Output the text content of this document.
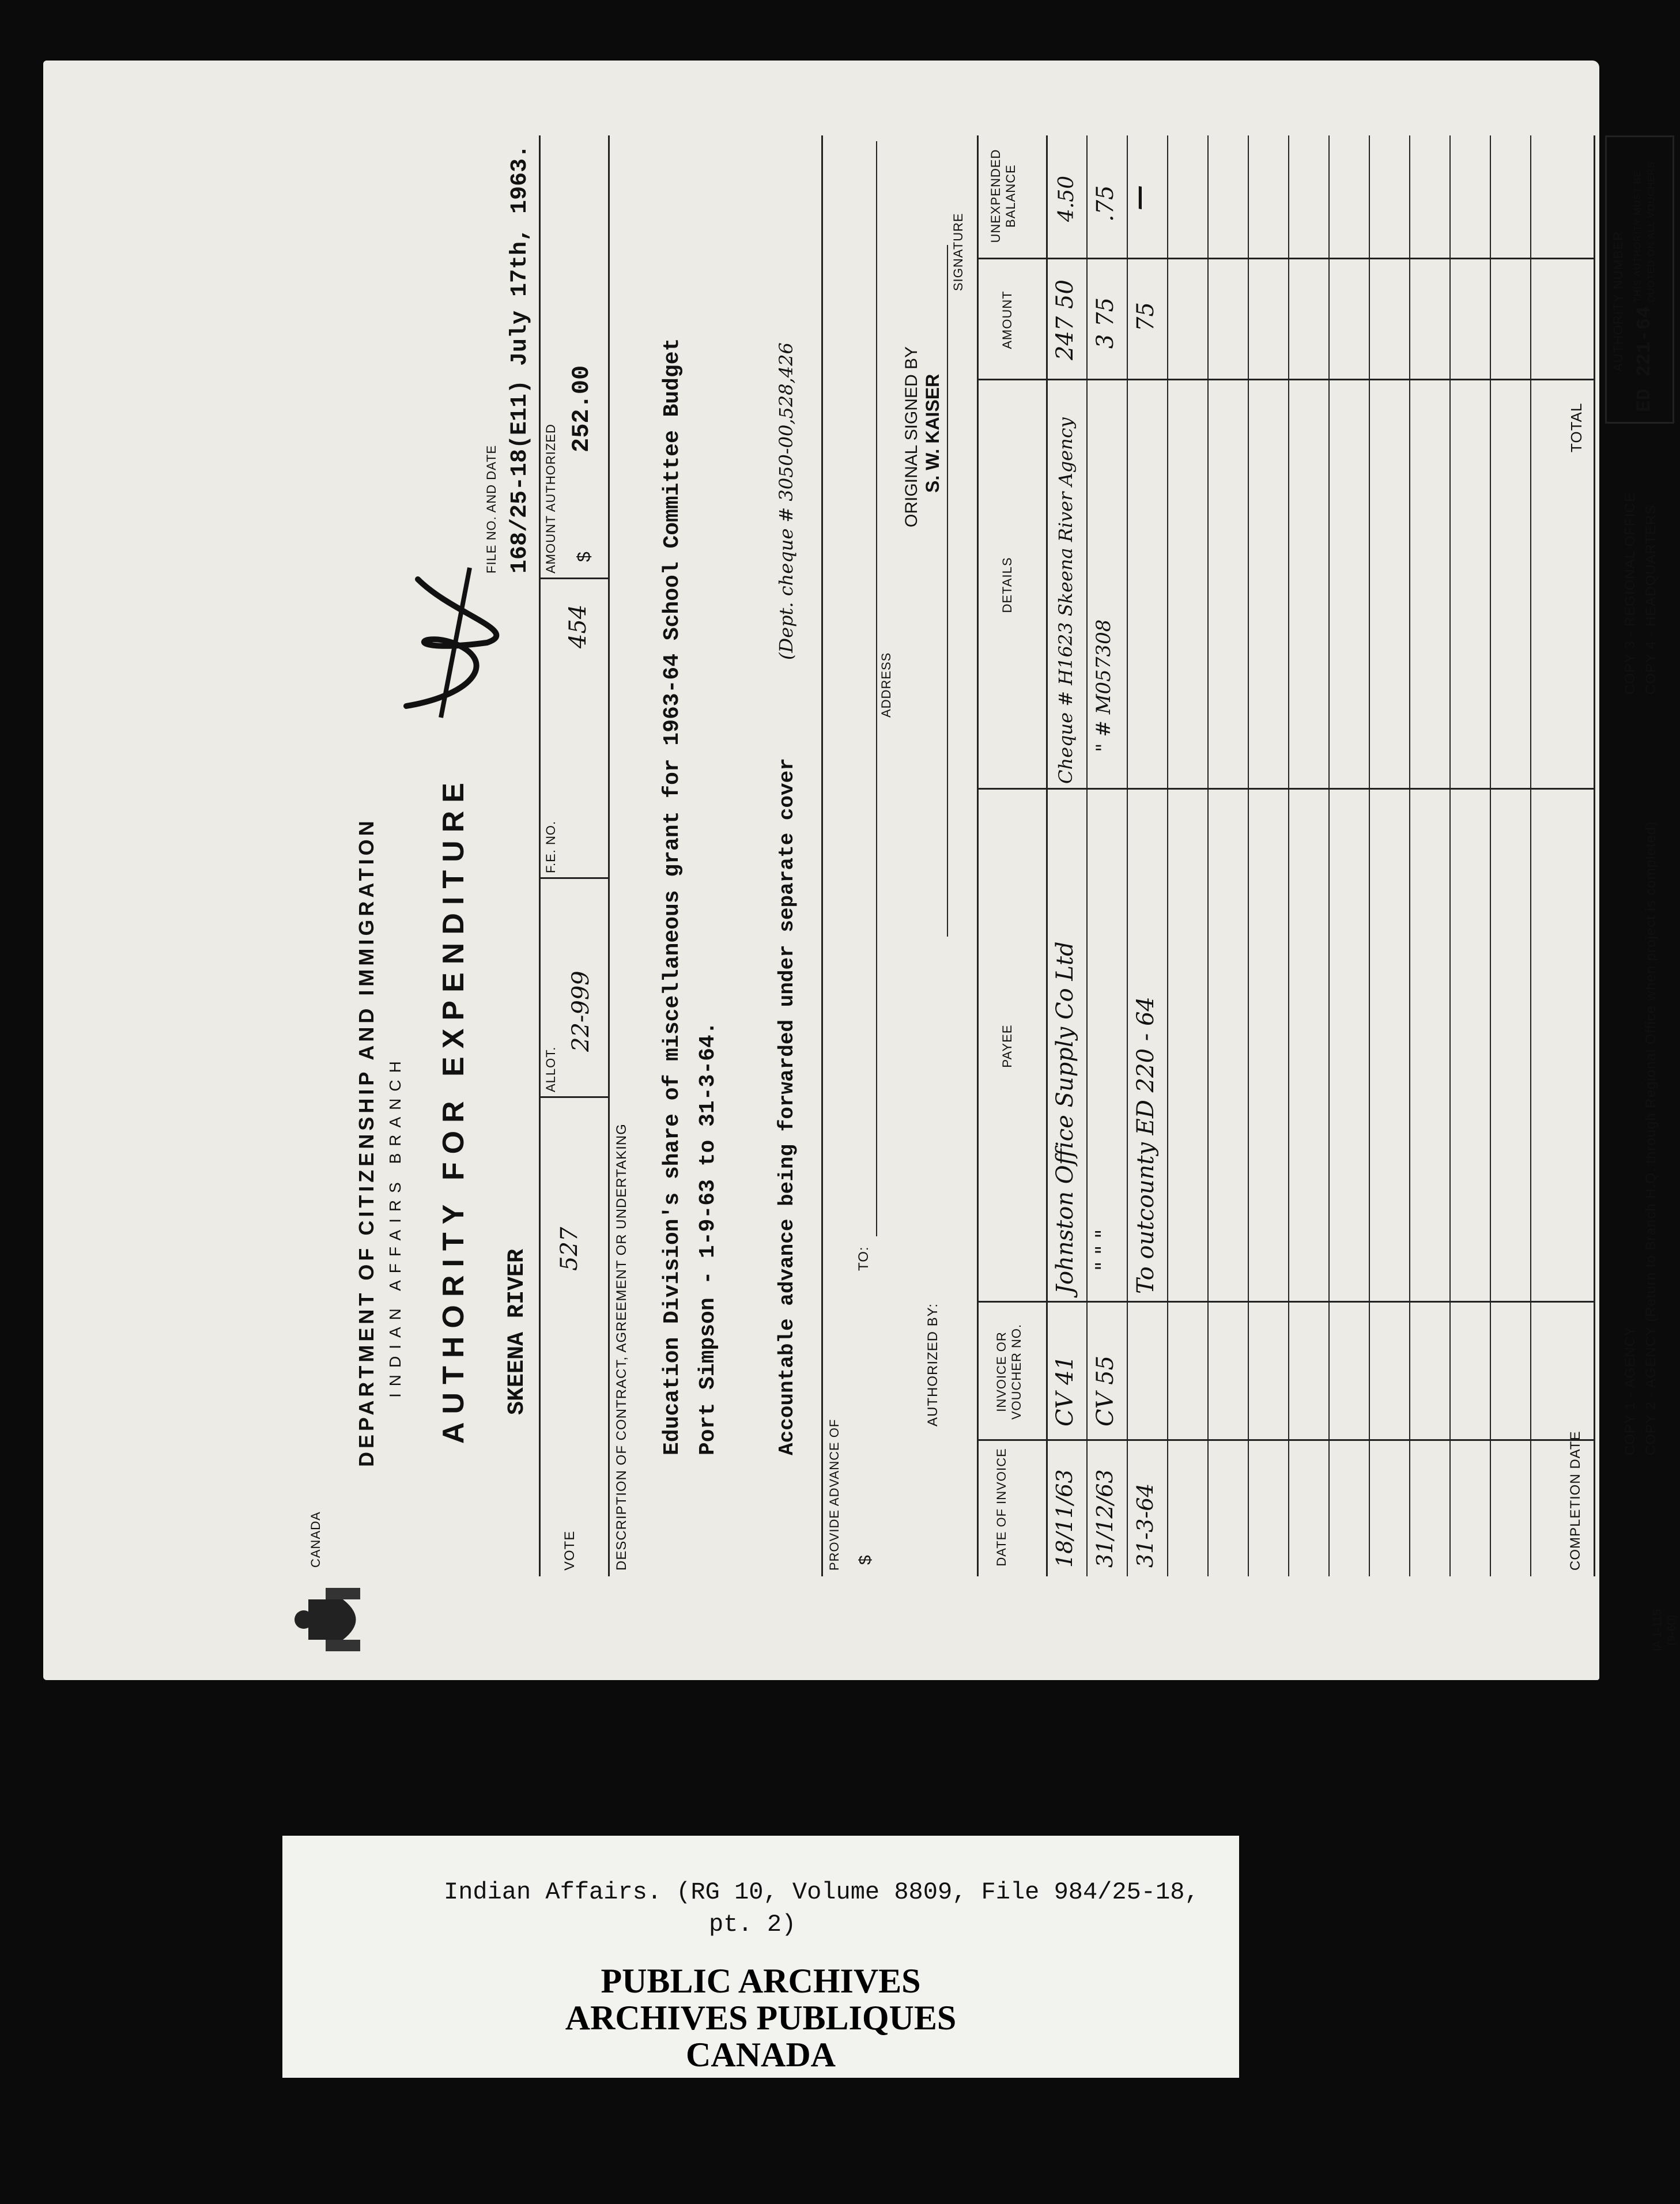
CANADA
DEPARTMENT OF CITIZENSHIP AND IMMIGRATION INDIAN AFFAIRS BRANCH AUTHORITY FOR EXPENDITURE SKEENA RIVER
FILE NO. AND DATE 168/25-18(E11) July 17th, 1963.
VOTE
527
ALLOT.
22-999
F.E. NO.
454
AMOUNT AUTHORIZED $
252.00
DESCRIPTION OF CONTRACT, AGREEMENT OR UNDERTAKING Education Division's share of miscellaneous grant for 1963-64 School Committee Budget Port Simpson - 1-9-63 to 31-3-64.	Accountable advance being forwarded under separate cover
(Dept. cheque # 3050-00,528,426
PROVIDE ADVANCE OF $
TO:
ADDRESS
AUTHORIZED BY:
ORIGINAL SIGNED BY S. W. KAISER
SIGNATURE
DATE OF INVOICE
INVOICE OR VOUCHER NO.
PAYEE
DETAILS
AMOUNT
UNEXPENDED BALANCE
18/11/63
CV 41
Johnston Office Supply Co Ltd
Cheque # H1623 Skeena River Agency
247 50
4.50
31/12/63
CV 55
" " "
" # M057308
3 75
.75
31-3-64
To outcounty ED 220 - 64
75
—
COMPLETION DATE
TOTAL
AUTHORITY NUMBER ED 221-64
THIS AUTHORITY MUST BE QUOTED ON ALL VOUCHERS
COPY 1 - AGENCY COPY 2 - AGENCY (Return to Branch H.Q. through Regional Office when project is completed)
COPY 3 - REGIONAL OFFICE COPY 4 - HEADQUARTERS
IA 1-115 (9-60)
Indian Affairs. (RG 10, Volume 8809, File 984/25-18,
pt. 2)
PUBLIC ARCHIVES
ARCHIVES PUBLIQUES
CANADA
